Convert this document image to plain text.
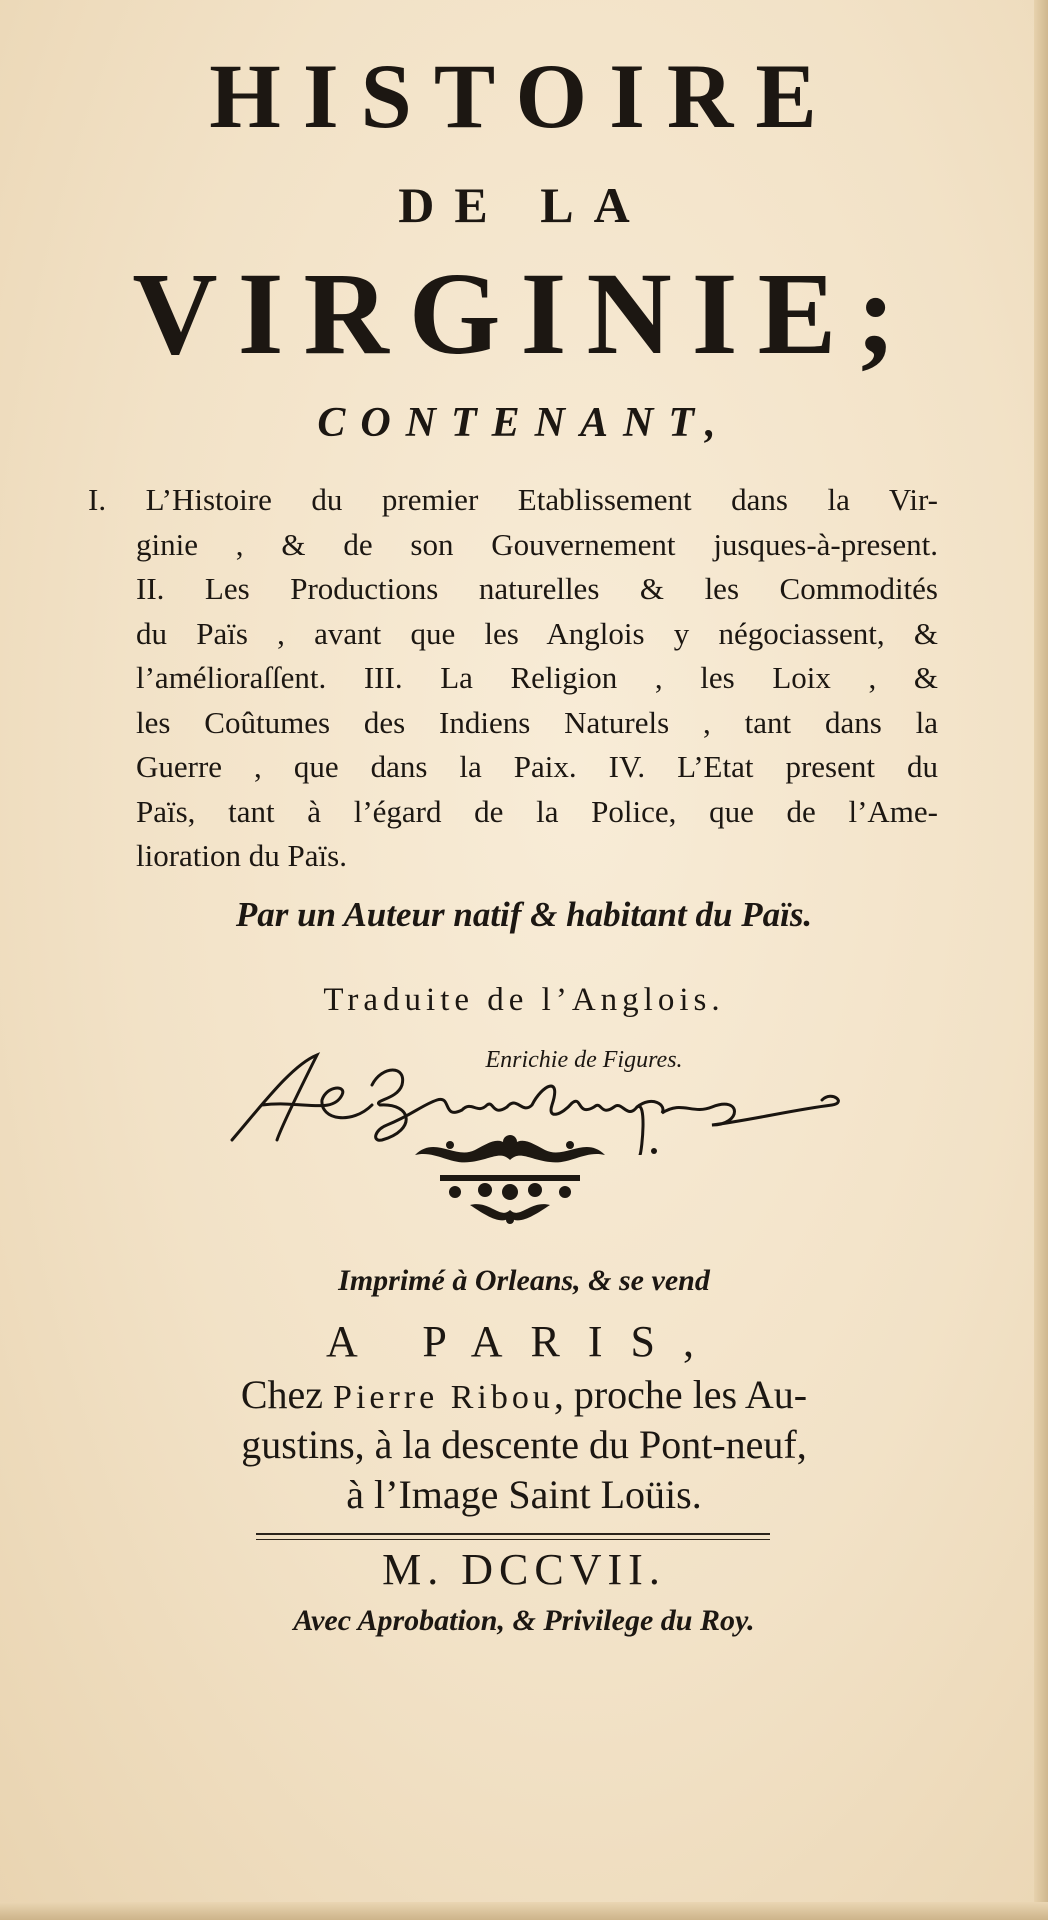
HISTOIRE
DE LA
VIRGINIE;
CONTENANT,
I. L’Histoire du premier Etablissement dans la Vir-
ginie , & de son Gouvernement jusques-à-present.
II. Les Productions naturelles & les Commodités
du Païs , avant que les Anglois y négociassent, &
l’amélioraſſent. III. La Religion , les Loix , &
les Coûtumes des Indiens Naturels , tant dans la
Guerre , que dans la Paix. IV. L’Etat present du
Païs, tant à l’égard de la Police, que de l’Ame-
lioration du Païs.
Par un Auteur natif & habitant du Païs.
Traduite de l’Anglois.
Enrichie de Figures.
Imprimé à Orleans, & se vend
A PARIS,
Chez Pierre Ribou, proche les Au-
gustins, à la descente du Pont-neuf,
à l’Image Saint Loüis.
M. DCCVII.
Avec Aprobation, & Privilege du Roy.
